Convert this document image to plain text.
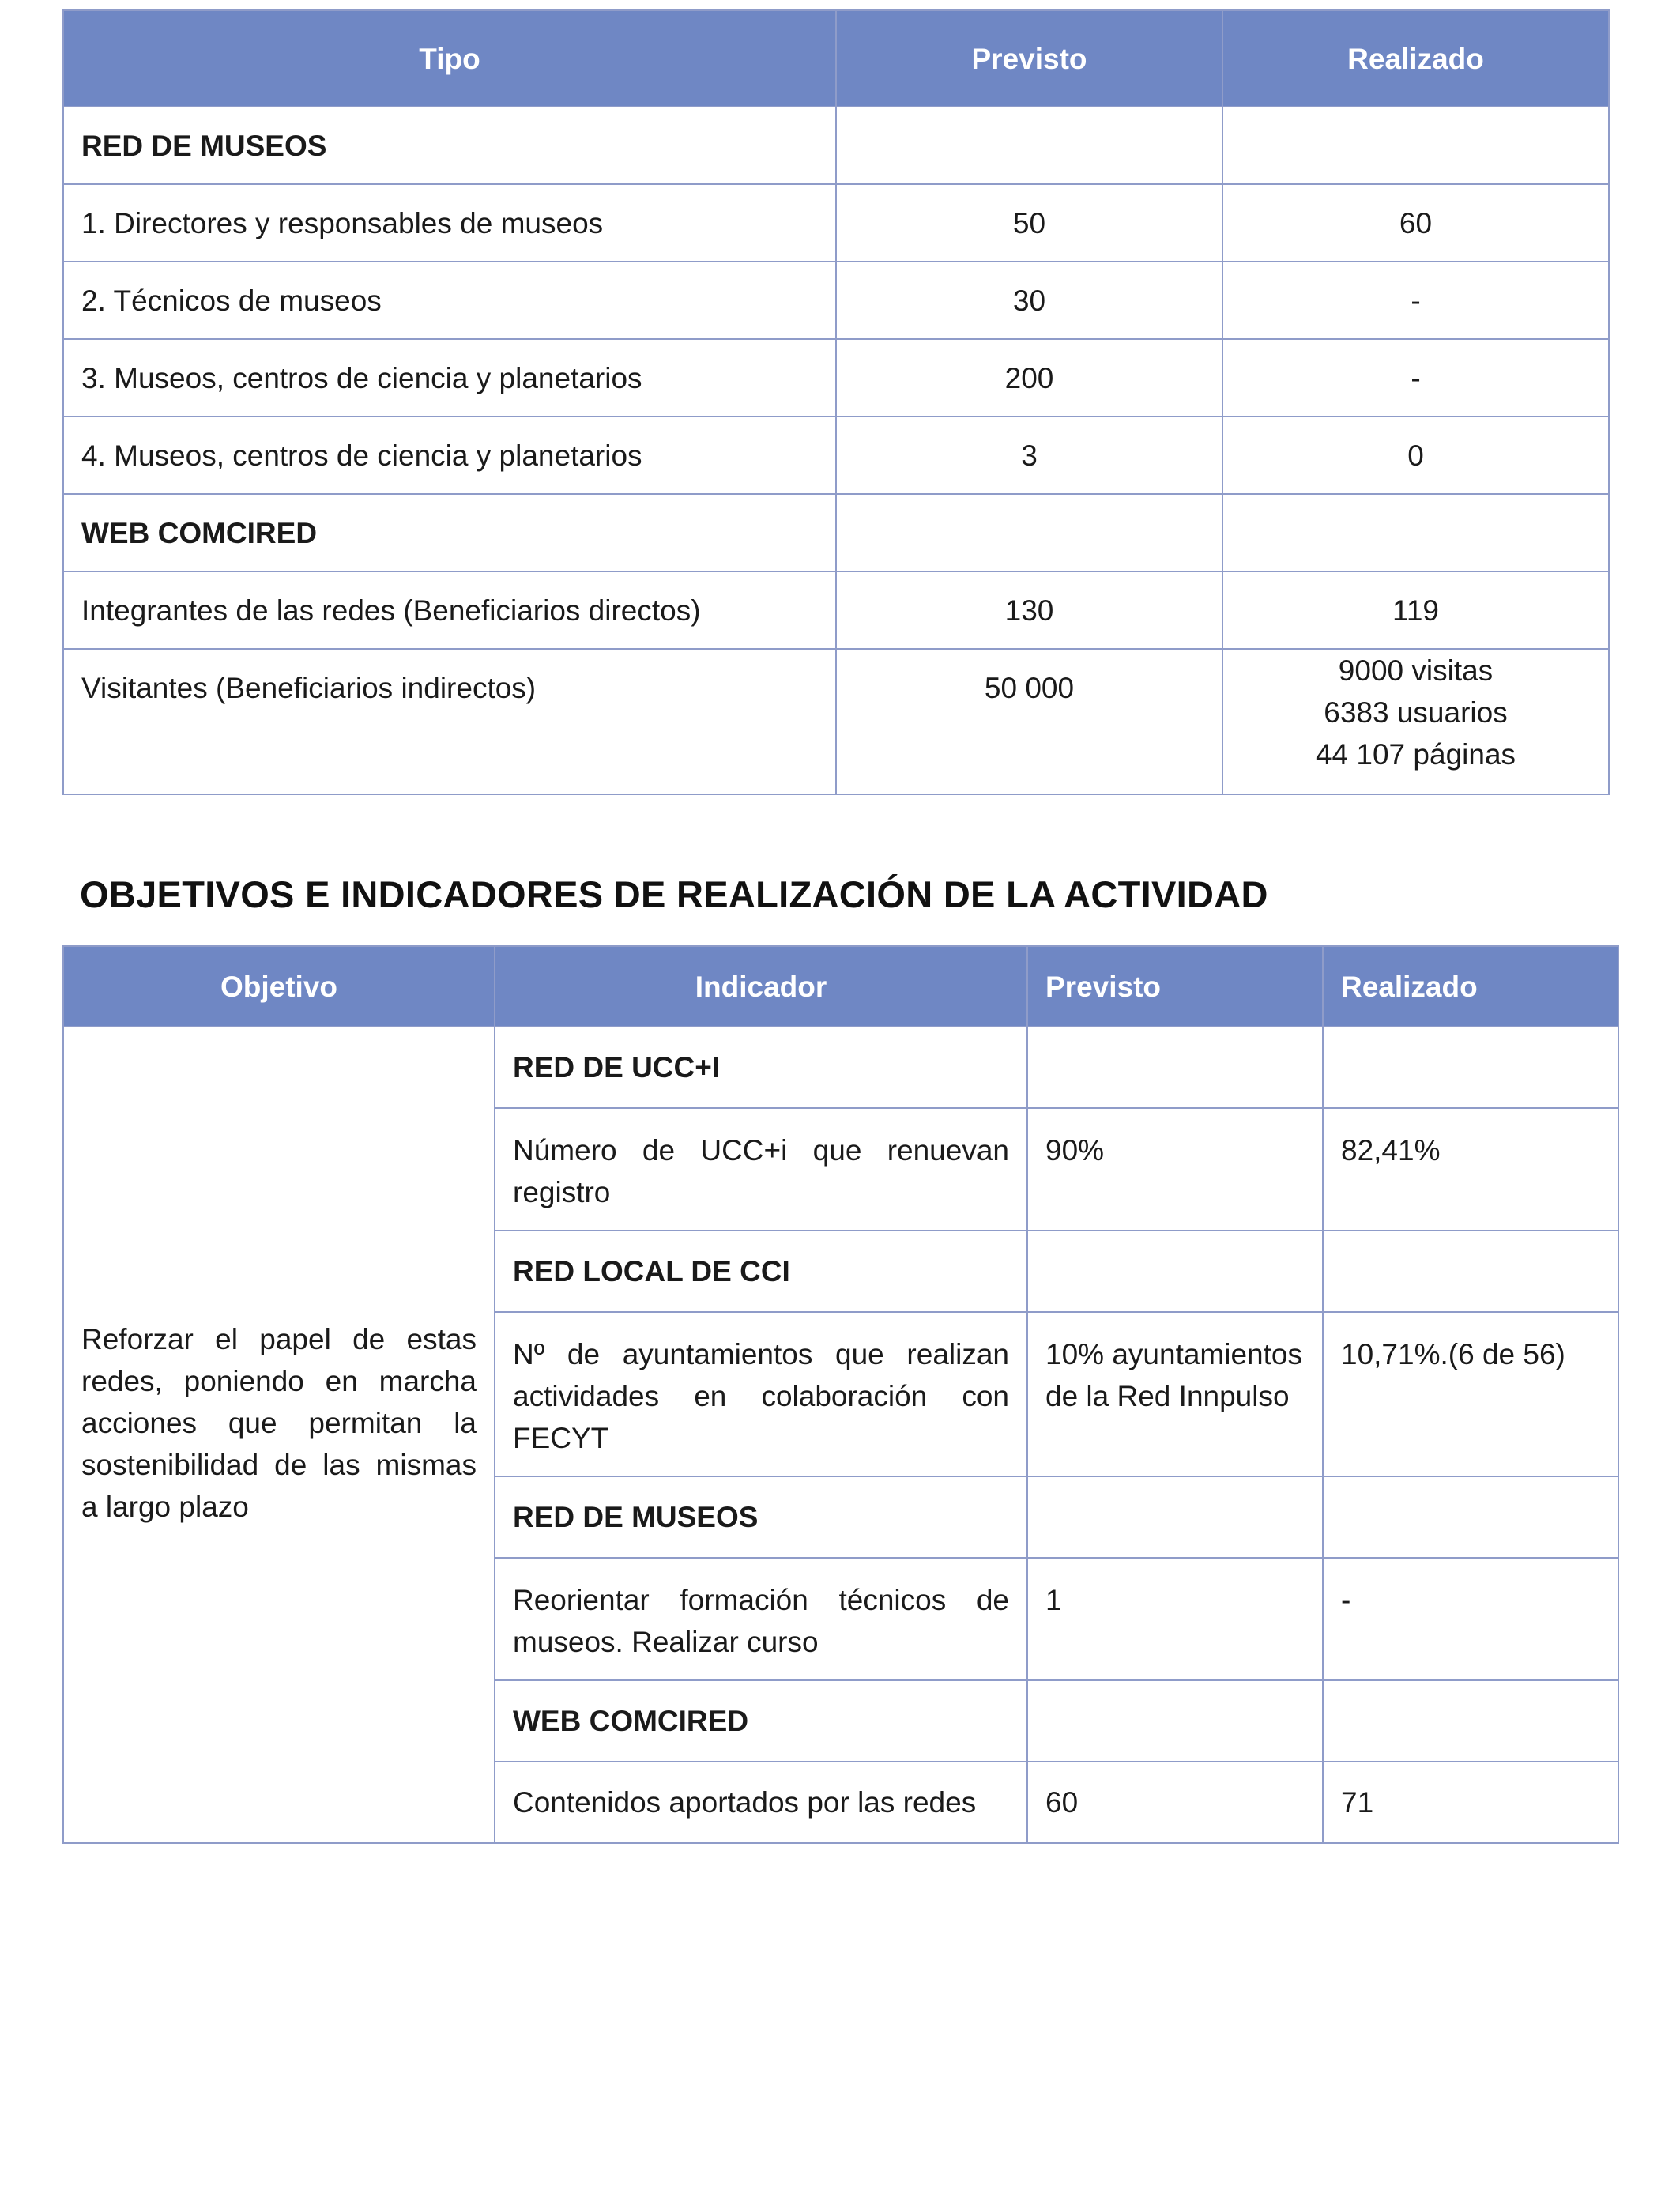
Tipo	Previsto	Realizado
RED DE MUSEOS		
1. Directores y responsables de museos	50	60
2. Técnicos de museos	30	-
3. Museos, centros de ciencia y planetarios	200	-
4. Museos, centros de ciencia y planetarios	3	0
WEB COMCIRED		
Integrantes de las redes (Beneficiarios directos)	130	119
Visitantes (Beneficiarios indirectos)	50 000	9000 visitas
6383 usuarios
44 107 páginas
OBJETIVOS E INDICADORES DE REALIZACIÓN DE LA ACTIVIDAD
Objetivo	Indicador	Previsto	Realizado
Reforzar el papel de estas redes, poniendo en marcha acciones que permitan la sostenibilidad de las mismas a largo plazo	RED DE UCC+I		
	Número de UCC+i que renuevan registro	90%	82,41%
	RED LOCAL DE CCI		
	Nº de ayuntamientos que realizan actividades en colaboración con FECYT	10% ayuntamientos de la Red Innpulso	10,71%.(6 de 56)
	RED DE MUSEOS		
	Reorientar formación técnicos de museos. Realizar curso	1	-
	WEB COMCIRED		
	Contenidos aportados por las redes	60	71
